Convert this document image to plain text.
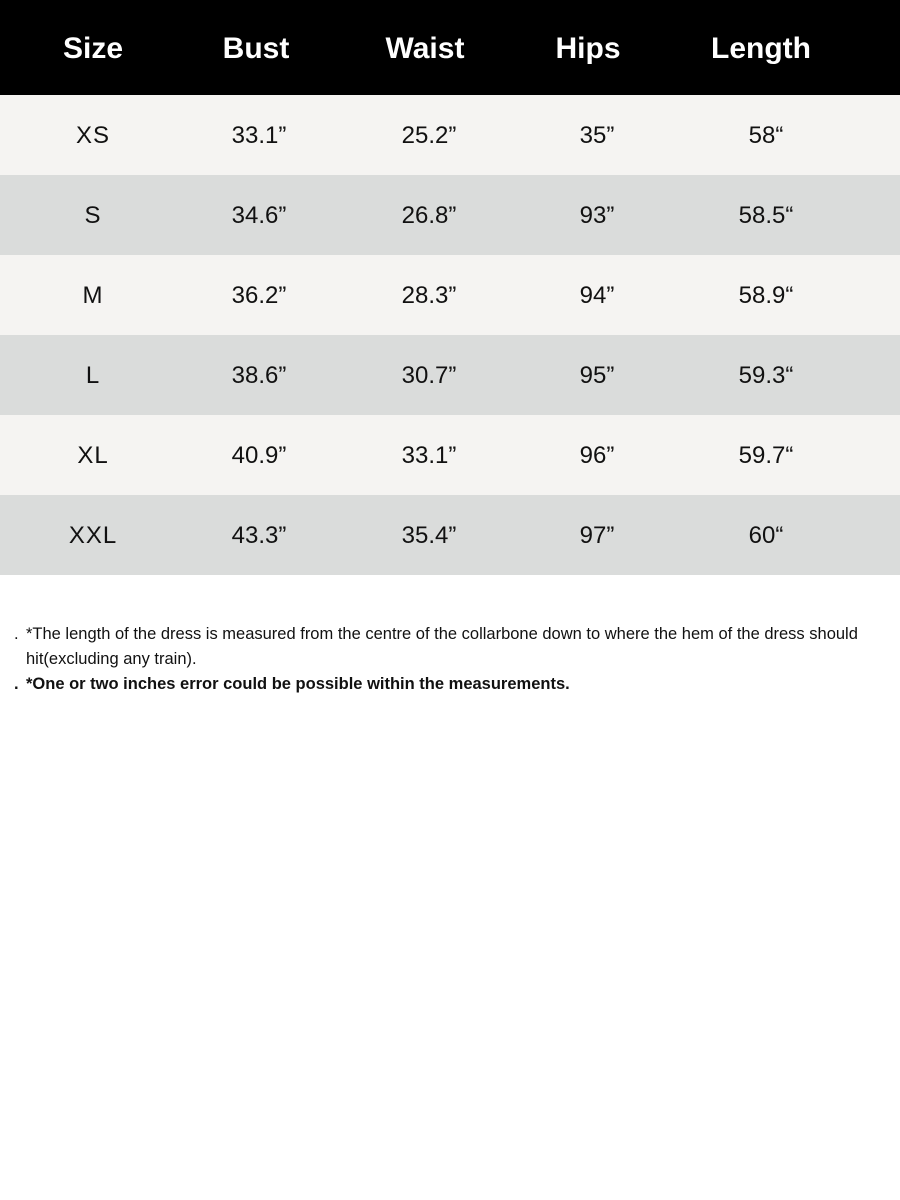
Size	Bust	Waist	Hips	Length
XS	33.1”	25.2”	35”	58“
S	34.6”	26.8”	93”	58.5“
M	36.2”	28.3”	94”	58.9“
L	38.6”	30.7”	95”	59.3“
XL	40.9”	33.1”	96”	59.7“
XXL	43.3”	35.4”	97”	60“
. *The length of the dress is measured from the centre of the collarbone down to where the hem of the dress should hit(excluding any train).
. *One or two inches error could be possible within the measurements.
